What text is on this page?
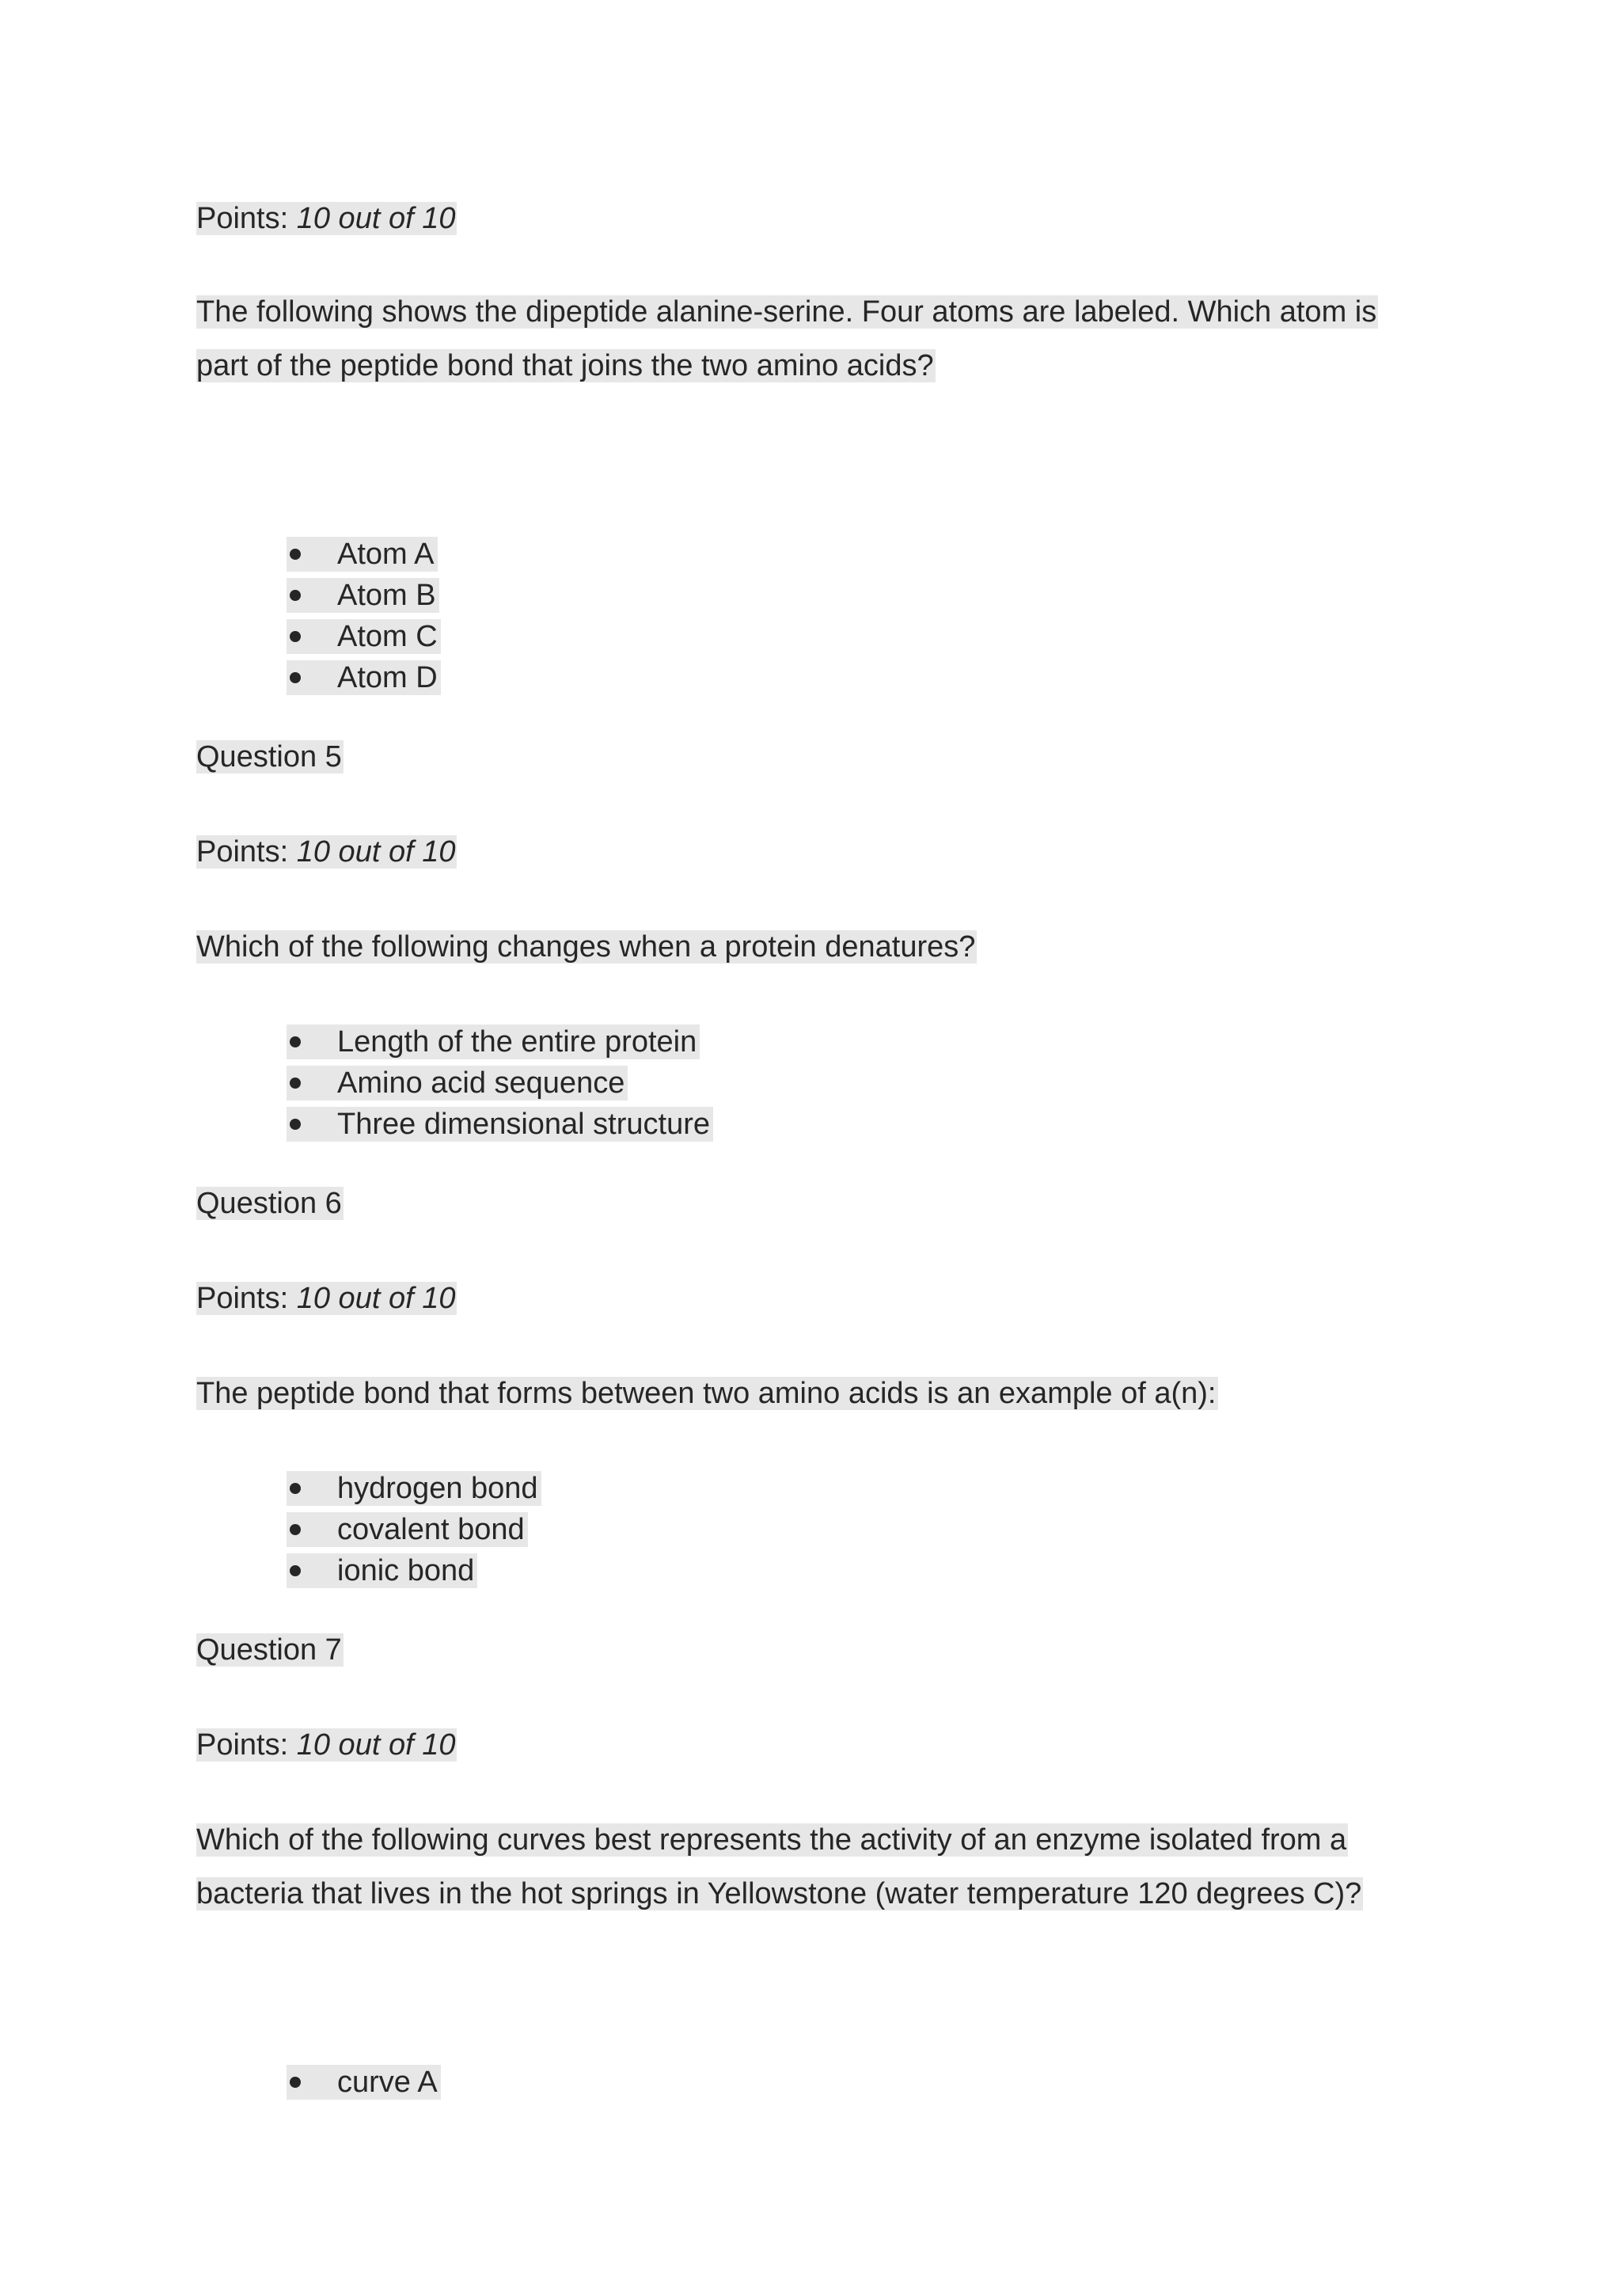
Points: 10 out of 10
The following shows the dipeptide alanine-serine. Four atoms are labeled. Which atom is
part of the peptide bond that joins the two amino acids?
Atom A
Atom B
Atom C
Atom D
Question 5
Points: 10 out of 10
Which of the following changes when a protein denatures?
Length of the entire protein
Amino acid sequence
Three dimensional structure
Question 6
Points: 10 out of 10
The peptide bond that forms between two amino acids is an example of a(n):
hydrogen bond
covalent bond
ionic bond
Question 7
Points: 10 out of 10
Which of the following curves best represents the activity of an enzyme isolated from a
bacteria that lives in the hot springs in Yellowstone (water temperature 120 degrees C)?
curve A
